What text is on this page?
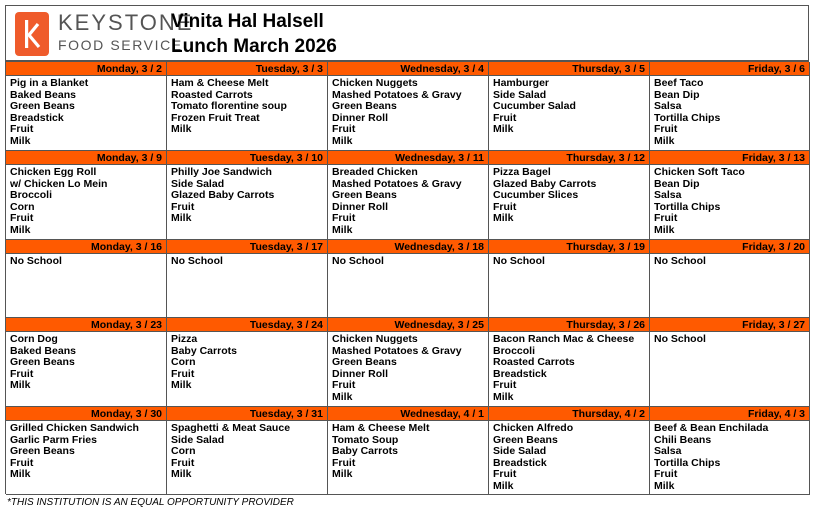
KEYSTONE
FOOD SERVICE
Vinita Hal Halsell
Lunch March 2026
Monday, 3 / 2
Pig in a Blanket
Baked Beans
Green Beans
Breadstick
Fruit
Milk
Tuesday, 3 / 3
Ham & Cheese Melt
Roasted Carrots
Tomato florentine soup
Frozen Fruit Treat
Milk
Wednesday, 3 / 4
Chicken Nuggets
Mashed Potatoes & Gravy
Green Beans
Dinner Roll
Fruit
Milk
Thursday, 3 / 5
Hamburger
Side Salad
Cucumber Salad
Fruit
Milk
Friday, 3 / 6
Beef Taco
Bean Dip
Salsa
Tortilla Chips
Fruit
Milk
Monday, 3 / 9
Chicken Egg Roll
w/ Chicken Lo Mein
Broccoli
Corn
Fruit
Milk
Tuesday, 3 / 10
Philly Joe Sandwich
Side Salad
Glazed Baby Carrots
Fruit
Milk
Wednesday, 3 / 11
Breaded Chicken
Mashed Potatoes & Gravy
Green Beans
Dinner Roll
Fruit
Milk
Thursday, 3 / 12
Pizza Bagel
Glazed Baby Carrots
Cucumber Slices
Fruit
Milk
Friday, 3 / 13
Chicken Soft Taco
Bean Dip
Salsa
Tortilla Chips
Fruit
Milk
Monday, 3 / 16
No School
Tuesday, 3 / 17
No School
Wednesday, 3 / 18
No School
Thursday, 3 / 19
No School
Friday, 3 / 20
No School
Monday, 3 / 23
Corn Dog
Baked Beans
Green Beans
Fruit
Milk
Tuesday, 3 / 24
Pizza
Baby Carrots
Corn
Fruit
Milk
Wednesday, 3 / 25
Chicken Nuggets
Mashed Potatoes & Gravy
Green Beans
Dinner Roll
Fruit
Milk
Thursday, 3 / 26
Bacon Ranch Mac & Cheese
Broccoli
Roasted Carrots
Breadstick
Fruit
Milk
Friday, 3 / 27
No School
Monday, 3 / 30
Grilled Chicken Sandwich
Garlic Parm Fries
Green Beans
Fruit
Milk
Tuesday, 3 / 31
Spaghetti & Meat Sauce
Side Salad
Corn
Fruit
Milk
Wednesday, 4 / 1
Ham & Cheese Melt
Tomato Soup
Baby Carrots
Fruit
Milk
Thursday, 4 / 2
Chicken Alfredo
Green Beans
Side Salad
Breadstick
Fruit
Milk
Friday, 4 / 3
Beef & Bean Enchilada
Chili Beans
Salsa
Tortilla Chips
Fruit
Milk
*THIS INSTITUTION IS AN EQUAL OPPORTUNITY PROVIDER
